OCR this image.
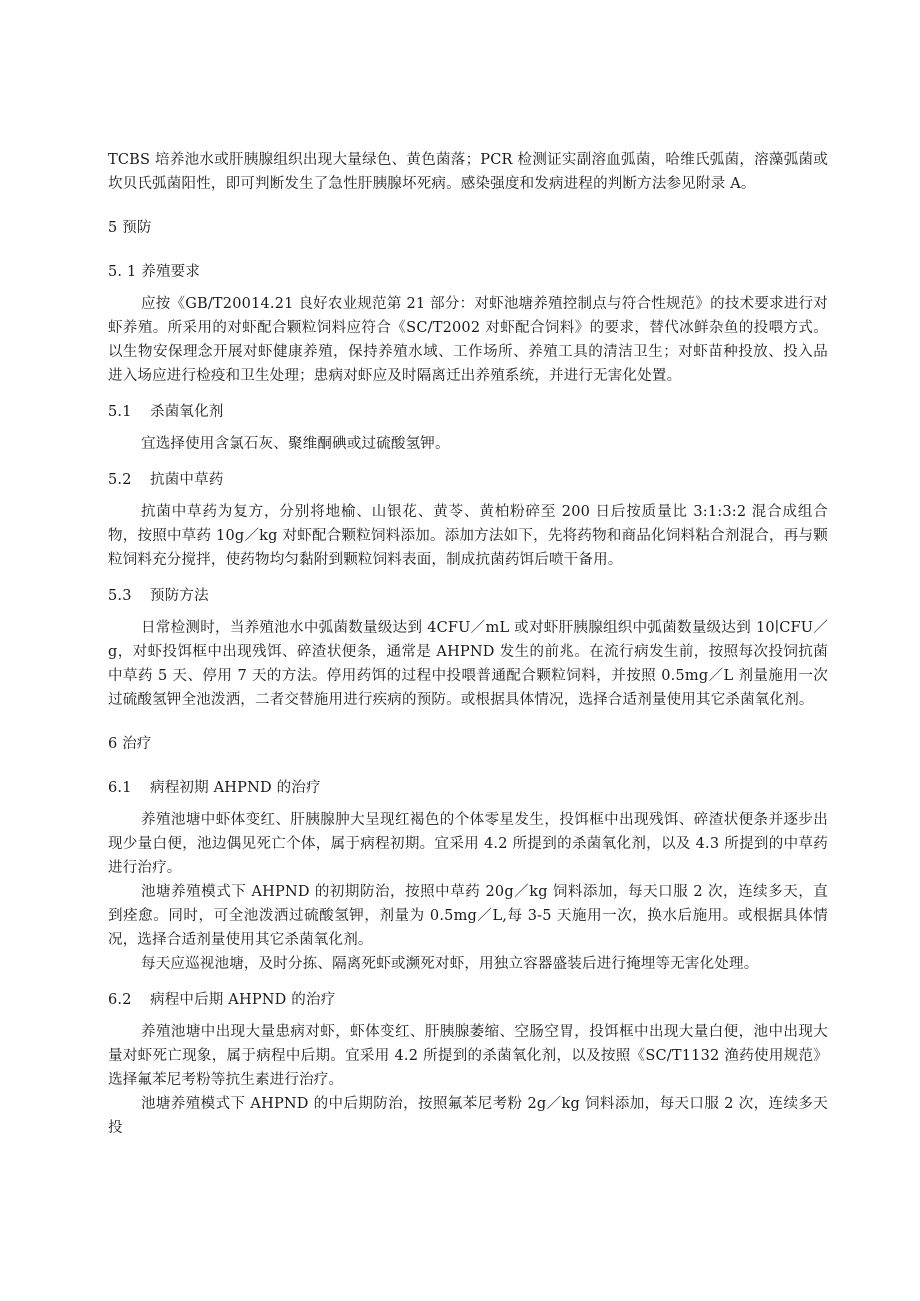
TCBS 培养池水或肝胰腺组织出现大量绿色、黄色菌落；PCR 检测证实副溶血弧菌，哈维氏弧菌，溶藻弧菌或坎贝氏弧菌阳性，即可判断发生了急性肝胰腺坏死病。感染强度和发病进程的判断方法参见附录 A。

5 预防

5. 1 养殖要求

应按《GB/T20014.21 良好农业规范第 21 部分：对虾池塘养殖控制点与符合性规范》的技术要求进行对虾养殖。所采用的对虾配合颗粒饲料应符合《SC/T2002 对虾配合饲料》的要求，替代冰鲜杂鱼的投喂方式。以生物安保理念开展对虾健康养殖，保持养殖水域、工作场所、养殖工具的清洁卫生；对虾苗种投放、投入品进入场应进行检疫和卫生处理；患病对虾应及时隔离迁出养殖系统，并进行无害化处置。

5.1 杀菌氧化剂

宜选择使用含氯石灰、聚维酮碘或过硫酸氢钾。

5.2 抗菌中草药

抗菌中草药为复方，分别将地榆、山银花、黄苓、黄柏粉碎至 200 日后按质量比 3:1:3:2 混合成组合物，按照中草药 10g／kg 对虾配合颗粒饲料添加。添加方法如下，先将药物和商品化饲料粘合剂混合，再与颗粒饲料充分搅拌，使药物均匀黏附到颗粒饲料表面，制成抗菌药饵后喷干备用。

5.3 预防方法

日常检测时，当养殖池水中弧菌数量级达到 4CFU／mL 或对虾肝胰腺组织中弧菌数量级达到 10∣CFU／g，对虾投饵框中出现残饵、碎渣状便条，通常是 AHPND 发生的前兆。在流行病发生前，按照每次投饲抗菌中草药 5 天、停用 7 天的方法。停用药饵的过程中投喂普通配合颗粒饲料，并按照 0.5mg／L 剂量施用一次过硫酸氢钾全池泼洒，二者交替施用进行疾病的预防。或根据具体情况，选择合适剂量使用其它杀菌氧化剂。

6 治疗

6.1 病程初期 AHPND 的治疗

养殖池塘中虾体变红、肝胰腺肿大呈现红褐色的个体零星发生，投饵框中出现残饵、碎渣状便条并逐步出现少量白便，池边偶见死亡个体，属于病程初期。宜采用 4.2 所提到的杀菌氧化剂，以及 4.3 所提到的中草药进行治疗。

池塘养殖模式下 AHPND 的初期防治，按照中草药 20g／kg 饲料添加，每天口服 2 次，连续多天，直到痊愈。同时，可全池泼洒过硫酸氢钾，剂量为 0.5mg／L,每 3-5 天施用一次，换水后施用。或根据具体情况，选择合适剂量使用其它杀菌氧化剂。

每天应巡视池塘，及时分拣、隔离死虾或濒死对虾，用独立容器盛装后进行掩埋等无害化处理。

6.2 病程中后期 AHPND 的治疗

养殖池塘中出现大量患病对虾，虾体变红、肝胰腺萎缩、空肠空胃，投饵框中出现大量白便，池中出现大量对虾死亡现象，属于病程中后期。宜采用 4.2 所提到的杀菌氧化剂，以及按照《SC/T1132 渔药使用规范》选择氟苯尼考粉等抗生素进行治疗。

池塘养殖模式下 AHPND 的中后期防治，按照氟苯尼考粉 2g／kg 饲料添加，每天口服 2 次，连续多天投
